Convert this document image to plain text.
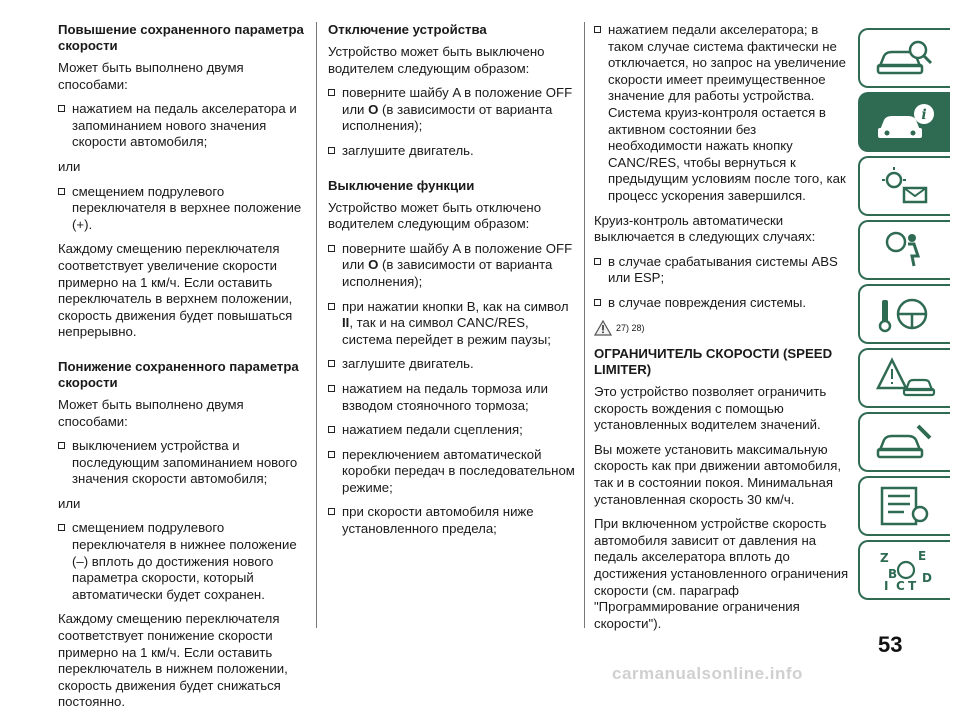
Повышение сохраненного параметра скорости

Может быть выполнено двумя способами:

нажатием на педаль акселератора и запоминанием нового значения скорости автомобиля;

или

смещением подрулевого переключателя в верхнее положение (+).

Каждому смещению переключателя соответствует увеличение скорости примерно на 1 км/ч. Если оставить переключатель в верхнем положении, скорость движения будет повышаться непрерывно.

Понижение сохраненного параметра скорости

Может быть выполнено двумя способами:

выключением устройства и последующим запоминанием нового значения скорости автомобиля;

или

смещением подрулевого переключателя в нижнее положение (–) вплоть до достижения нового параметра скорости, который автоматически будет сохранен.

Каждому смещению переключателя соответствует понижение скорости примерно на 1 км/ч. Если оставить переключатель в нижнем положении, скорость движения будет снижаться постоянно.

Отключение устройства

Устройство может быть выключено водителем следующим образом:

поверните шайбу A в положение OFF или O (в зависимости от варианта исполнения);
заглушите двигатель.
Выключение функции

Устройство может быть отключено водителем следующим образом:

поверните шайбу A в положение OFF или O (в зависимости от варианта исполнения);
при нажатии кнопки B, как на символ II, так и на символ CANC/RES, система перейдет в режим паузы;
заглушите двигатель.
нажатием на педаль тормоза или взводом стояночного тормоза;
нажатием педали сцепления;
переключением автоматической коробки передач в последовательном режиме;
при скорости автомобиля ниже установленного предела;
нажатием педали акселератора; в таком случае система фактически не отключается, но запрос на увеличение скорости имеет преимущественное значение для работы устройства. Система круиз-контроля остается в активном состоянии без необходимости нажать кнопку CANC/RES, чтобы вернуться к предыдущим условиям после того, как процесс ускорения завершился.

Круиз-контроль автоматически выключается в следующих случаях:

в случае срабатывания системы ABS или ESP;
в случае повреждения системы.
27) 28)
ОГРАНИЧИТЕЛЬ СКОРОСТИ (SPEED LIMITER)

Это устройство позволяет ограничить скорость вождения с помощью установленных водителем значений.

Вы можете установить максимальную скорость как при движении автомобиля, так и в состоянии покоя. Минимальная установленная скорость 30 км/ч.

При включенном устройстве скорость автомобиля зависит от давления на педаль акселератора вплоть до достижения установленного ограничения скорости (см. параграф "Программирование ограничения скорости").

i
Z E
B D
I C T
53
carmanualsonline.info
